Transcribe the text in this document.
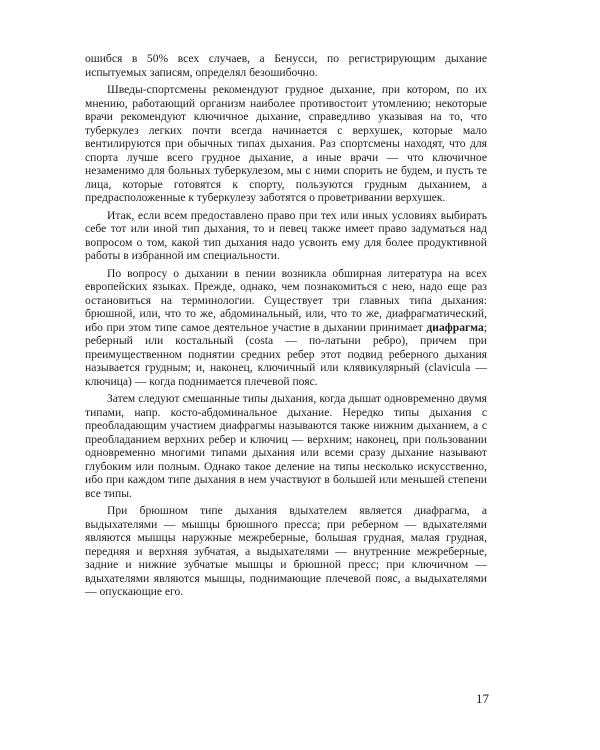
ошибся в 50% всех случаев, а Бенусси, по регистрирующим дыхание испытуемых записям, определял безошибочно.

Шведы-спортсмены рекомендуют грудное дыхание, при котором, по их мнению, работающий организм наиболее противостоит утомлению; некоторые врачи рекомендуют ключичное дыхание, справедливо указывая на то, что туберкулез легких почти всегда начинается с верхушек, которые мало вентилируются при обычных типах дыхания. Раз спортсмены находят, что для спорта лучше всего грудное дыхание, а иные врачи — что ключичное незаменимо для больных туберкулезом, мы с ними спорить не будем, и пусть те лица, которые готовятся к спорту, пользуются грудным дыханием, а предрасположенные к туберкулезу заботятся о проветривании верхушек.

Итак, если всем предоставлено право при тех или иных условиях выбирать себе тот или иной тип дыхания, то и певец также имеет право задуматься над вопросом о том, какой тип дыхания надо усвоить ему для более продуктивной работы в избранной им специальности.

По вопросу о дыхании в пении возникла обширная литература на всех европейских языках. Прежде, однако, чем познакомиться с нею, надо еще раз остановиться на терминологии. Существует три главных типа дыхания: брюшной, или, что то же, абдоминальный, или, что то же, диафрагматический, ибо при этом типе самое деятельное участие в дыхании принимает диафрагма; реберный или костальный (costa — по-латыни ребро), причем при преимущественном поднятии средних ребер этот подвид реберного дыхания называется грудным; и, наконец, ключичный или клявикулярный (clavicula — ключица) — когда поднимается плечевой пояс.

Затем следуют смешанные типы дыхания, когда дышат одновременно двумя типами, напр. косто-абдоминальное дыхание. Нередко типы дыхания с преобладающим участием диафрагмы называются также нижним дыханием, а с преобладанием верхних ребер и ключиц — верхним; наконец, при пользовании одновременно многими типами дыхания или всеми сразу дыхание называют глубоким или полным. Однако такое деление на типы несколько искусственно, ибо при каждом типе дыхания в нем участвуют в большей или меньшей степени все типы.

При брюшном типе дыхания вдыхателем является диафрагма, а выдыхателями — мышцы брюшного пресса; при реберном — вдыхателями являются мышцы наружные межреберные, большая грудная, малая грудная, передняя и верхняя зубчатая, а выдыхателями — внутренние межреберные, задние и нижние зубчатые мышцы и брюшной пресс; при ключичном — вдыхателями являются мышцы, поднимающие плечевой пояс, а выдыхателями — опускающие его.

17
